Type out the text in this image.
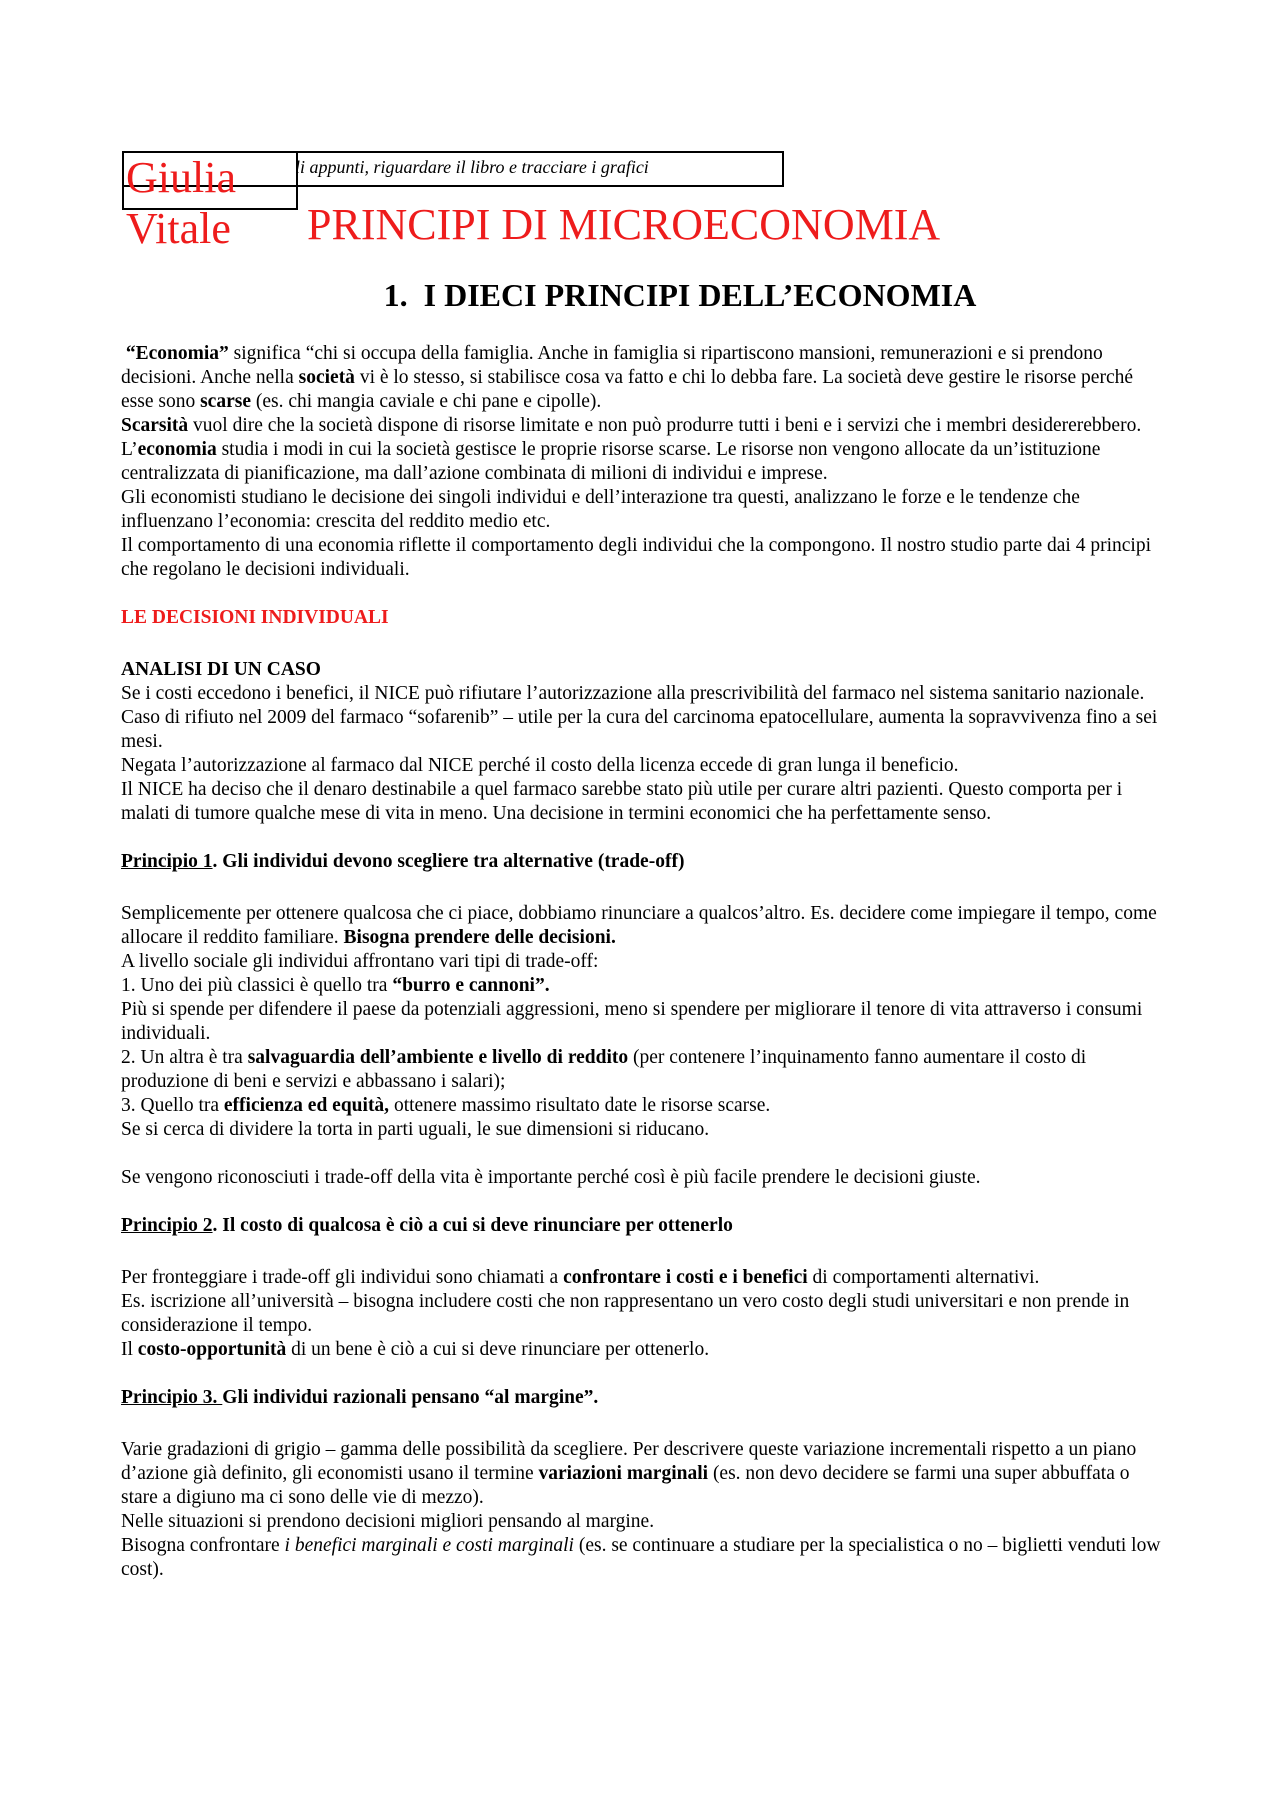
li appunti, riguardare il libro e tracciare i grafici
Giulia
Vitale PRINCIPI DI MICROECONOMIA
1. I DIECI PRINCIPI DELL’ECONOMIA

“Economia” significa “chi si occupa della famiglia. Anche in famiglia si ripartiscono mansioni, remunerazioni e si prendono decisioni. Anche nella società vi è lo stesso, si stabilisce cosa va fatto e chi lo debba fare. La società deve gestire le risorse perché esse sono scarse (es. chi mangia caviale e chi pane e cipolle).

Scarsità vuol dire che la società dispone di risorse limitate e non può produrre tutti i beni e i servizi che i membri desidererebbero.

L’economia studia i modi in cui la società gestisce le proprie risorse scarse. Le risorse non vengono allocate da un’istituzione centralizzata di pianificazione, ma dall’azione combinata di milioni di individui e imprese.

Gli economisti studiano le decisione dei singoli individui e dell’interazione tra questi, analizzano le forze e le tendenze che influenzano l’economia: crescita del reddito medio etc.

Il comportamento di una economia riflette il comportamento degli individui che la compongono. Il nostro studio parte dai 4 principi che regolano le decisioni individuali.

LE DECISIONI INDIVIDUALI

ANALISI DI UN CASO

Se i costi eccedono i benefici, il NICE può rifiutare l’autorizzazione alla prescrivibilità del farmaco nel sistema sanitario nazionale. Caso di rifiuto nel 2009 del farmaco “sofarenib” – utile per la cura del carcinoma epatocellulare, aumenta la sopravvivenza fino a sei mesi.

Negata l’autorizzazione al farmaco dal NICE perché il costo della licenza eccede di gran lunga il beneficio.

Il NICE ha deciso che il denaro destinabile a quel farmaco sarebbe stato più utile per curare altri pazienti. Questo comporta per i malati di tumore qualche mese di vita in meno. Una decisione in termini economici che ha perfettamente senso.

Principio 1. Gli individui devono scegliere tra alternative (trade-off)

Semplicemente per ottenere qualcosa che ci piace, dobbiamo rinunciare a qualcos’altro. Es. decidere come impiegare il tempo, come allocare il reddito familiare. Bisogna prendere delle decisioni.

A livello sociale gli individui affrontano vari tipi di trade-off:

1. Uno dei più classici è quello tra “burro e cannoni”.

Più si spende per difendere il paese da potenziali aggressioni, meno si spendere per migliorare il tenore di vita attraverso i consumi individuali.

2. Un altra è tra salvaguardia dell’ambiente e livello di reddito (per contenere l’inquinamento fanno aumentare il costo di produzione di beni e servizi e abbassano i salari);

3. Quello tra efficienza ed equità, ottenere massimo risultato date le risorse scarse.

Se si cerca di dividere la torta in parti uguali, le sue dimensioni si riducano.

Se vengono riconosciuti i trade-off della vita è importante perché così è più facile prendere le decisioni giuste.

Principio 2. Il costo di qualcosa è ciò a cui si deve rinunciare per ottenerlo

Per fronteggiare i trade-off gli individui sono chiamati a confrontare i costi e i benefici di comportamenti alternativi.

Es. iscrizione all’università – bisogna includere costi che non rappresentano un vero costo degli studi universitari e non prende in considerazione il tempo.

Il costo-opportunità di un bene è ciò a cui si deve rinunciare per ottenerlo.

Principio 3. Gli individui razionali pensano “al margine”.

Varie gradazioni di grigio – gamma delle possibilità da scegliere. Per descrivere queste variazione incrementali rispetto a un piano d’azione già definito, gli economisti usano il termine variazioni marginali (es. non devo decidere se farmi una super abbuffata o stare a digiuno ma ci sono delle vie di mezzo).

Nelle situazioni si prendono decisioni migliori pensando al margine.

Bisogna confrontare i benefici marginali e costi marginali (es. se continuare a studiare per la specialistica o no – biglietti venduti low cost).
